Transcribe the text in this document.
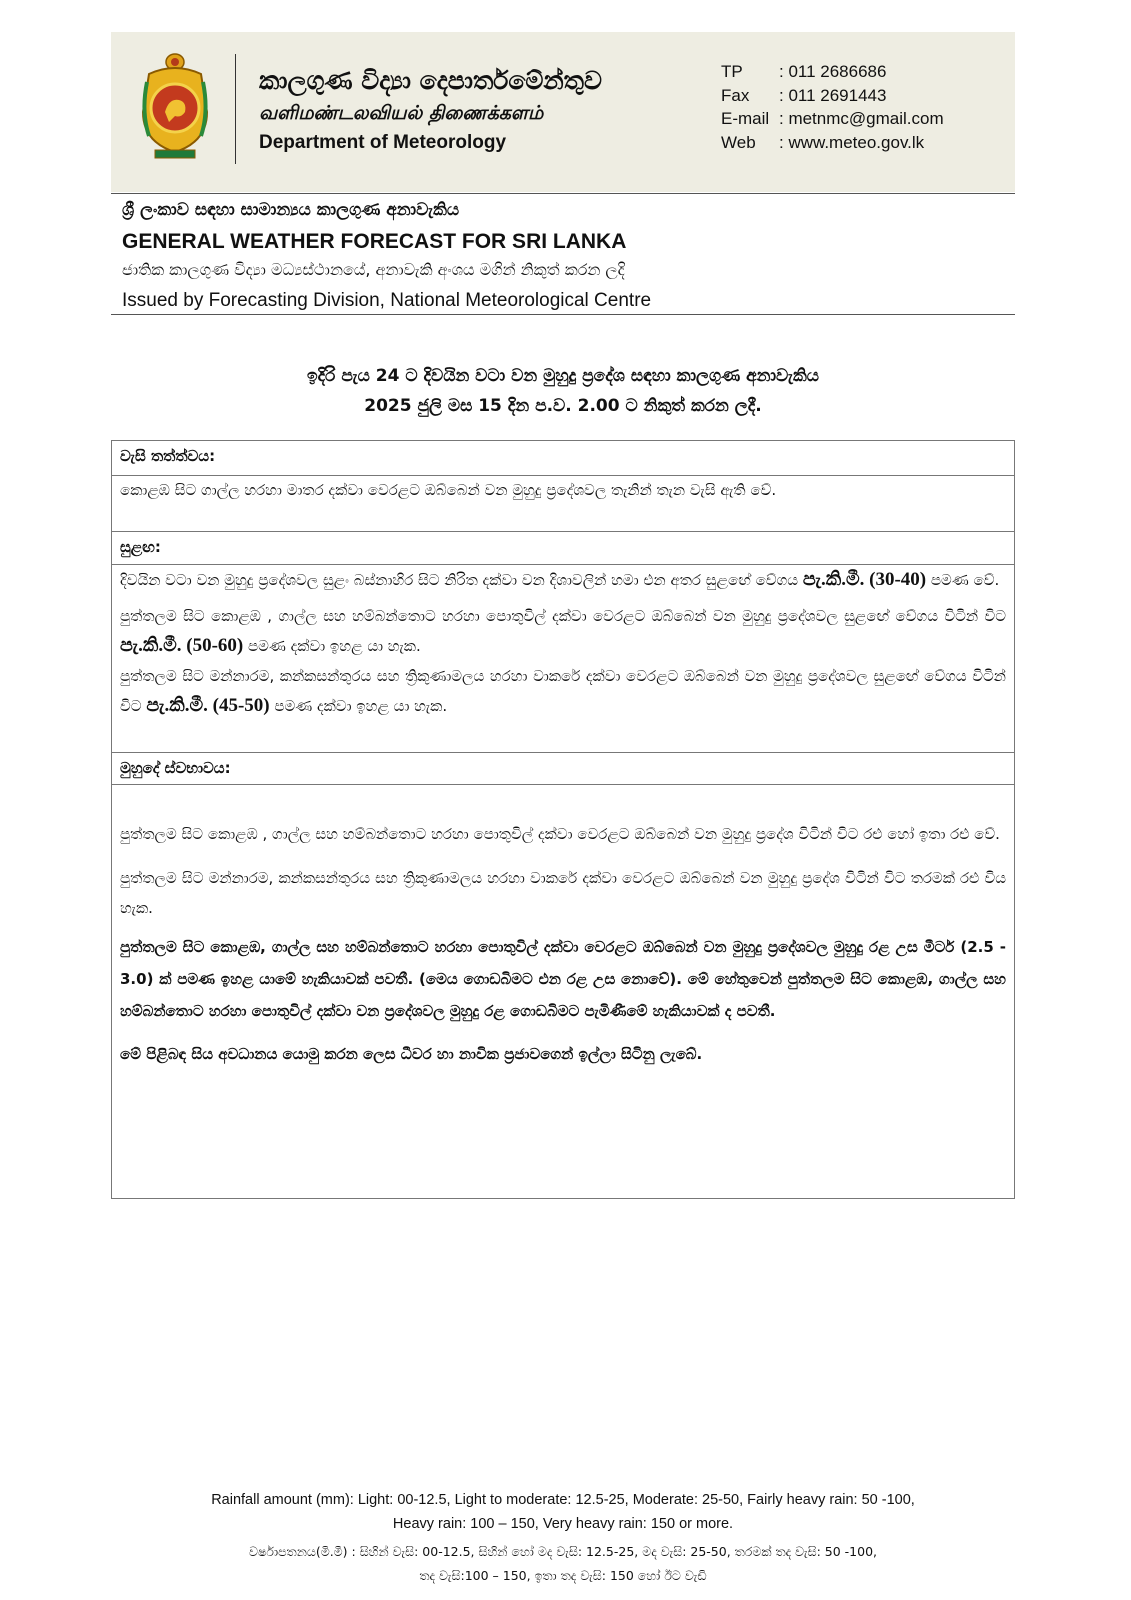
කාලගුණ විද්‍යා දෙපාර්තමේන්තුව
வளிமண்டலவியல் திணைக்களம்
Department of Meteorology
TP : 011 2686686
Fax : 011 2691443
E-mail : metnmc@gmail.com
Web : www.meteo.gov.lk
ශ්‍රී ලංකාව සඳහා සාමාන්‍යය කාලගුණ අනාවැකිය
GENERAL WEATHER FORECAST FOR SRI LANKA
ජාතික කාලගුණ විද්‍යා මධ්‍යස්ථානයේ, අනාවැකි අංශය මගින් නිකුත් කරන ලදි
Issued by Forecasting Division, National Meteorological Centre
ඉදිරි පැය 24 ට දිවයින වටා වන මුහුදු ප්‍රදේශ සඳහා කාලගුණ අනාවැකිය
2025 ජුලි මස 15 දින ප.ව. 2.00 ට නිකුත් කරන ලදී.
වැසි තත්ත්වය:
කොළඹ සිට ගාල්ල හරහා මාතර දක්වා වෙරළට ඔබ්බෙන් වන මුහුදු ප්‍රදේශවල තැනින් තැන වැසි ඇති වේ.
සුළඟ:
දිවයින වටා වන මුහුදු ප්‍රදේශවල සුළං බස්නාහිර සිට නිරිත දක්වා වන දිශාවලින් හමා එන අතර සුළඟේ වේගය පැ.කි.මී. (30-40) පමණ වේ.
පුත්තලම සිට කොළඹ , ගාල්ල සහ හම්බන්තොට හරහා පොතුවිල් දක්වා වෙරළට ඔබ්බෙන් වන මුහුදු ප්‍රදේශවල සුළඟේ වේගය විටින් විට පැ.කි.මී. (50-60) පමණ දක්වා ඉහළ යා හැක.
පුත්තලම සිට මන්නාරම, කන්කසන්තුරය සහ ත්‍රිකුණාමලය හරහා වාකරේ දක්වා වෙරළට ඔබ්බෙන් වන මුහුදු ප්‍රදේශවල සුළඟේ වේගය විටින් විට පැ.කි.මී. (45-50) පමණ දක්වා ඉහළ යා හැක.
මුහුදේ ස්වභාවය:
පුත්තලම සිට කොළඹ , ගාල්ල සහ හම්බන්තොට හරහා පොතුවිල් දක්වා වෙරළට ඔබ්බෙන් වන මුහුදු ප්‍රදේශ විටින් විට රළු හෝ ඉතා රළු වේ.
පුත්තලම සිට මන්නාරම, කන්කසන්තුරය සහ ත්‍රිකුණාමලය හරහා වාකරේ දක්වා වෙරළට ඔබ්බෙන් වන මුහුදු ප්‍රදේශ විටින් විට තරමක් රළු විය හැක.
පුත්තලම සිට කොළඹ, ගාල්ල සහ හම්බන්තොට හරහා පොතුවිල් දක්වා වෙරළට ඔබ්බෙන් වන මුහුදු ප්‍රදේශවල මුහුදු රළ උස මීටර් (2.5 - 3.0) ක් පමණ ඉහළ යාමේ හැකියාවක් පවතී. (මෙය ගොඩබිමට එන රළ උස නොවේ). මේ හේතුවෙන් පුත්තලම සිට කොළඹ, ගාල්ල සහ හම්බන්තොට හරහා පොතුවිල් දක්වා වන ප්‍රදේශවල මුහුදු රළ ගොඩබිමට පැමිණීමේ හැකියාවක් ද පවතී.
මේ පිළිබඳ සිය අවධානය යොමු කරන ලෙස ධීවර හා නාවික ප්‍රජාවගෙන් ඉල්ලා සිටිනු ලැබේ.
Rainfall amount (mm): Light: 00-12.5, Light to moderate: 12.5-25, Moderate: 25-50, Fairly heavy rain: 50 -100,
Heavy rain: 100 – 150, Very heavy rain: 150 or more.
වර්ෂාපතනය(මි.මී) : සිහින් වැසි: 00-12.5, සිහින් හෝ මද වැසි: 12.5-25, මද වැසි: 25-50, තරමක් තද වැසි: 50 -100,
තද වැසි:100 – 150, ඉතා තද වැසි: 150 හෝ ඊට වැඩි
